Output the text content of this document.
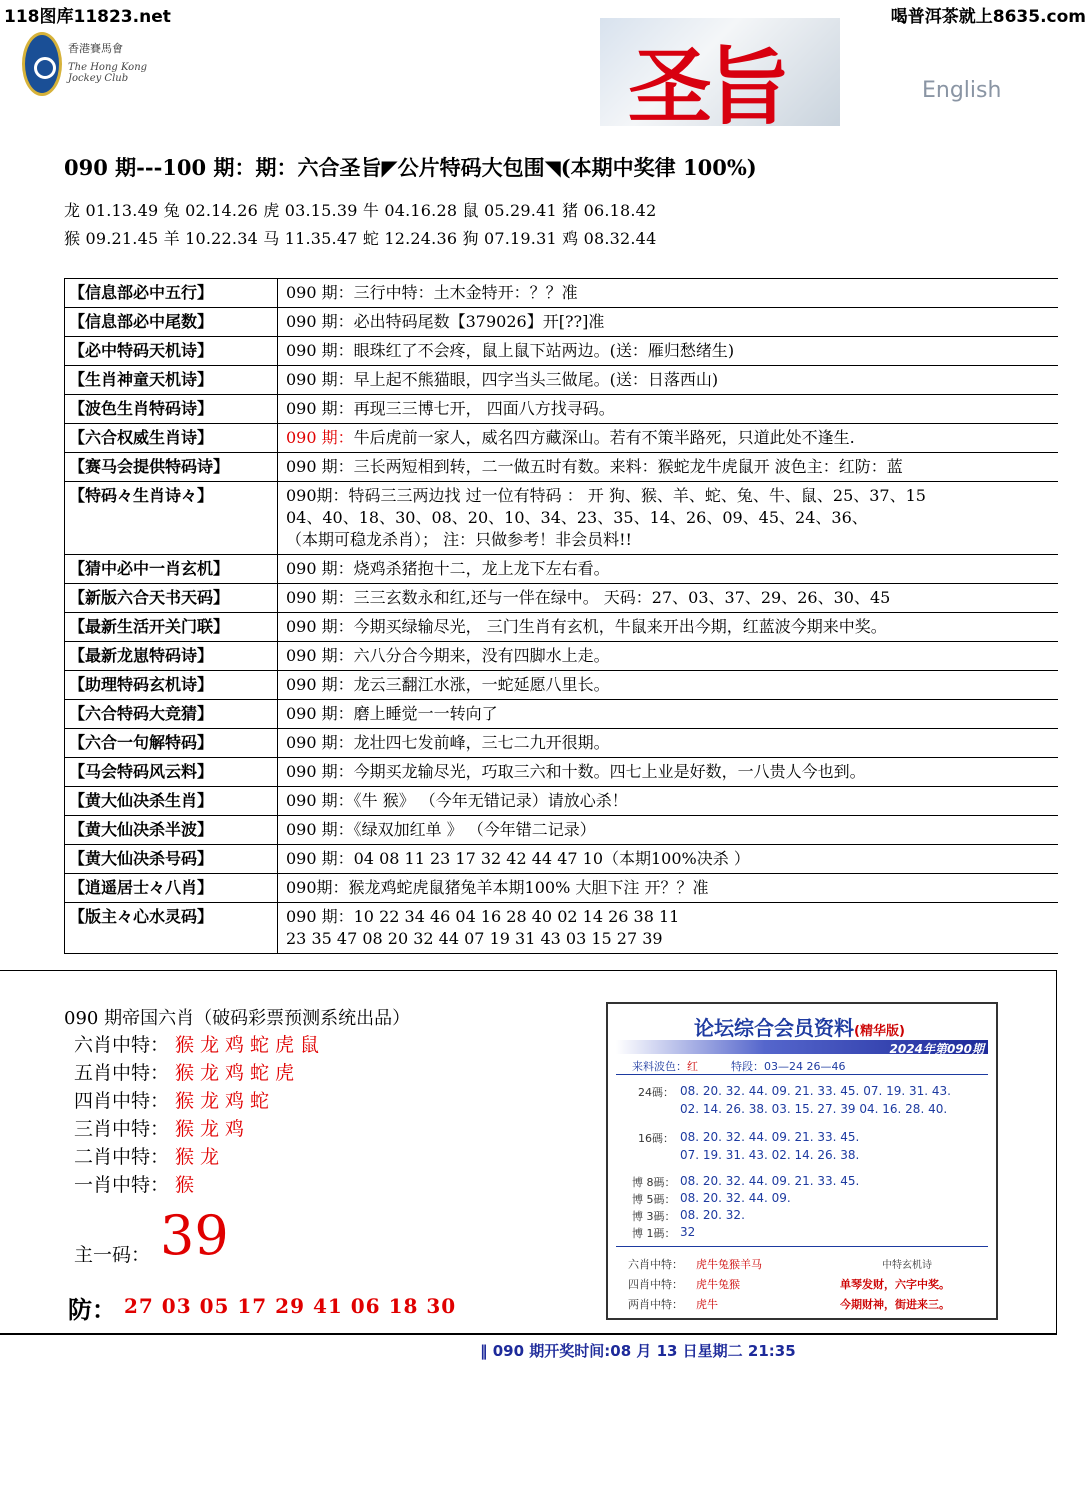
118图库11823.net	喝普洱茶就上8635.com
香港賽馬會
The Hong Kong Jockey Club	圣旨	English
090 期---100 期：期：六合圣旨◤公片特码大包围◥(本期中奖律 100%)
龙 01.13.49 兔 02.14.26 虎 03.15.39 牛 04.16.28 鼠 05.29.41 猪 06.18.42
猴 09.21.45 羊 10.22.34 马 11.35.47 蛇 12.24.36 狗 07.19.31 鸡 08.32.44
【信息部必中五行】	090 期：三行中特：土木金特开：？？准

【信息部必中尾数】	090 期：必出特码尾数【379026】开[??]准

【必中特码天机诗】	090 期：眼珠红了不会疼，鼠上鼠下站两边。(送：雁归愁绪生)

【生肖神童天机诗】	090 期：早上起不熊猫眼，四字当头三做尾。(送：日落西山)

【波色生肖特码诗】	090 期：再现三三博七开， 四面八方找寻码。

【六合权威生肖诗】	090 期：牛后虎前一家人，威名四方藏深山。若有不策半路死，只道此处不逢生.
【赛马会提供特码诗】	090 期：三长两短相到转，二一做五时有数。来料：猴蛇龙牛虎鼠开 波色主：红防：蓝

【特码々生肖诗々】	090期：特码三三两边找 过一位有特码 ： 开 狗、猴、羊、蛇、兔、牛、鼠、25、37、15
04、40、18、30、08、20、10、34、23、35、14、26、09、45、24、36、
（本期可稳龙杀肖）； 注：只做参考！非会员料!!

【猜中必中一肖玄机】	090 期：烧鸡杀猪抱十二，龙上龙下左右看。

【新版六合天书天码】	090 期：三三玄数永和红,还与一伴在绿中。 天码：27、03、37、29、26、30、45

【最新生活开关门联】	090 期：今期买绿输尽光， 三门生肖有玄机，牛鼠来开出今期，红蓝波今期来中奖。

【最新龙崽特码诗】	090 期：六八分合今期来，没有四脚水上走。

【助理特码玄机诗】	090 期：龙云三翻江水涨，一蛇延愿八里长。

【六合特码大竞猜】	090 期：磨上睡觉一一转向了

【六合一句解特码】	090 期：龙壮四七发前峰，三七二九开很期。

【马会特码风云料】	090 期：今期买龙输尽光，巧取三六和十数。四七上业是好数，一八贵人今也到。

【黄大仙决杀生肖】	090 期：《牛 猴》 （今年无错记录）请放心杀！

【黄大仙决杀半波】	090 期：《绿双加红单 》 （今年错二记录）

【黄大仙决杀号码】	090 期：04 08 11 23 17 32 42 44 47 10（本期100%决杀 ）

【逍遥居士々八肖】	090期：猴龙鸡蛇虎鼠猪兔羊本期100% 大胆下注 开？？准

【版主々心水灵码】	090 期：10 22 34 46 04 16 28 40 02 14 26 38 11
23 35 47 08 20 32 44 07 19 31 43 03 15 27 39
090 期帝国六肖（破码彩票预测系统出品）
六肖中特： 猴龙鸡蛇虎鼠
五肖中特： 猴龙鸡蛇虎
四肖中特： 猴龙鸡蛇
三肖中特： 猴龙鸡
二肖中特： 猴龙
一肖中特： 猴
主一码： 39
防： 27 03 05 17 29 41 06 18 30
论坛综合会员资料(精华版)
2024年第090期
来料波色：红　　　	特段：03—24 26—46
24碼： 08. 20. 32. 44. 09. 21. 33. 45. 07. 19. 31. 43.
02. 14. 26. 38. 03. 15. 27. 39 04. 16. 28. 40.
16碼： 08. 20. 32. 44. 09. 21. 33. 45.
07. 19. 31. 43. 02. 14. 26. 38.
博 8碼： 08. 20. 32. 44. 09. 21. 33. 45.
博 5碼： 08. 20. 32. 44. 09.
博 3碼： 08. 20. 32.
博 1碼： 32
六肖中特： 虎牛兔猴羊马
四肖中特： 虎牛兔猴
两肖中特： 虎牛
中特玄机诗
单琴发财，六字中奖。
今期财神，街进来三。
‖ 090 期开奖时间:08 月 13 日星期二 21:35
